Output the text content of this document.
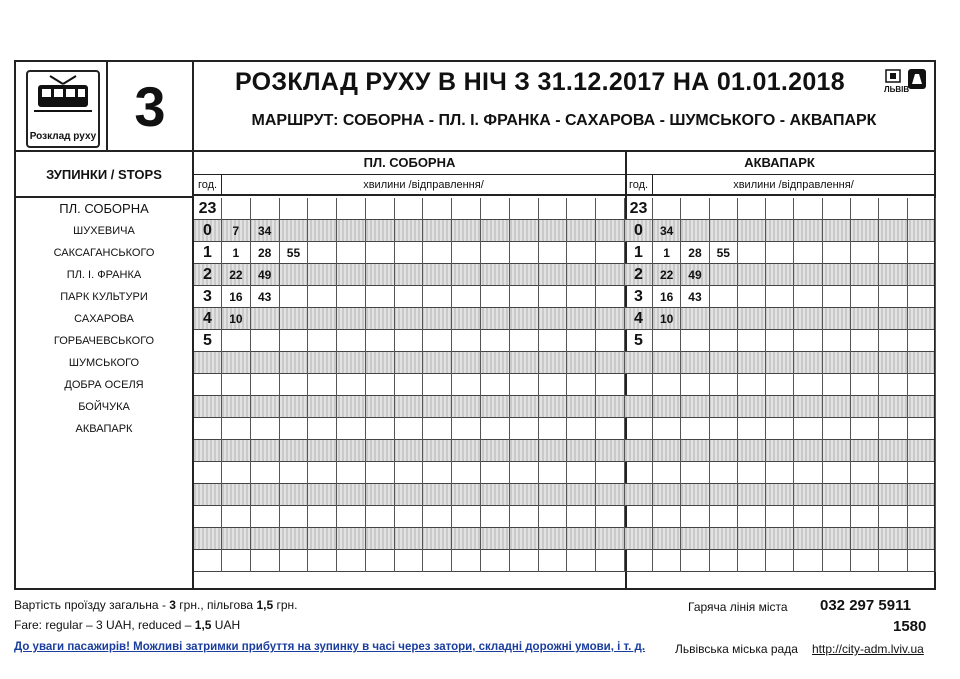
Розклад руху 3	РОЗКЛАД РУХУ В НІЧ З 31.12.2017 НА 01.01.2018
МАРШРУТ: СОБОРНА - ПЛ. І. ФРАНКА - САХАРОВА - ШУМСЬКОГО - АКВАПАРК
ЛЬВІВ
ЗУПИНКИ / STOPS
ПЛ. СОБОРНА
ШУХЕВИЧА
САКСАГАНСЬКОГО
ПЛ. І. ФРАНКА
ПАРК КУЛЬТУРИ
САХАРОВА
ГОРБАЧЕВСЬКОГО
ШУМСЬКОГО
ДОБРА ОСЕЛЯ
БОЙЧУКА
АКВАПАРК
ПЛ. СОБОРНА
год.	хвилини /відправлення/
23
0	7	34
1	1	28	55
2	22	49
3	16	43
4	10
5
АКВАПАРК
год.	хвилини /відправлення/
23
0	34
1	1	28	55
2	22	49
3	16	43
4	10
5
Вартість проїзду загальна - 3 грн., пільгова 1,5 грн.
Fare: regular – 3 UAH, reduced – 1,5 UAH
До уваги пасажирів! Можливі затримки прибуття на зупинку в часі через затори, складні дорожні умови, і т. д.
Гаряча лінія міста 032 297 5911
1580
Львівська міська рада http://city-adm.lviv.ua
